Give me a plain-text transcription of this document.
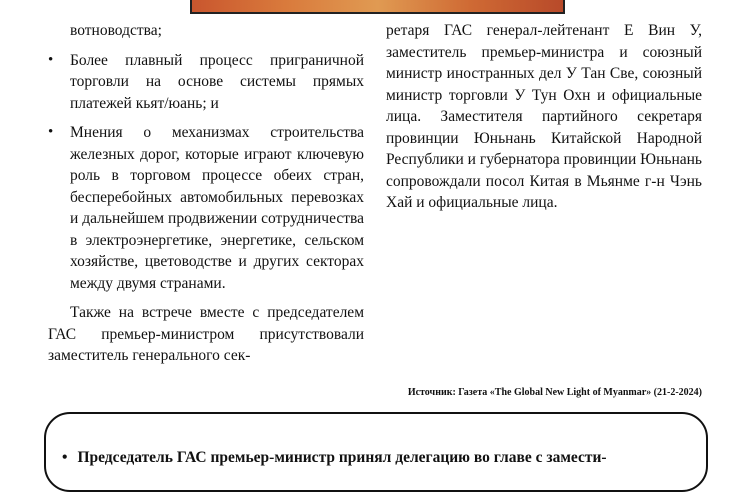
вотноводства;
• Более плавный процесс приграничной торговли на основе системы прямых платежей кьят/юань; и
• Мнения о механизмах строительства железных дорог, которые играют ключевую роль в торговом процессе обеих стран, бесперебойных автомобильных перевозках и дальнейшем продвижении сотрудничества в электроэнергетике, энергетике, сельском хозяйстве, цветоводстве и других секторах между двумя странами.

Также на встрече вместе с председателем ГАС премьер-министром присутствовали заместитель генерального сек-

ретаря ГАС генерал-лейтенант Е Вин У, заместитель премьер-министра и союзный министр иностранных дел У Тан Све, союзный министр торговли У Тун Охн и официальные лица. Заместителя партийного секретаря провинции Юньнань Китайской Народной Республики и губернатора провинции Юньнань сопровождали посол Китая в Мьянме г-н Чэнь Хай и официальные лица.

Источник: Газета «The Global New Light of Myanmar» (21-2-2024)
• Председатель ГАС премьер-министр принял делегацию во главе с замести-
